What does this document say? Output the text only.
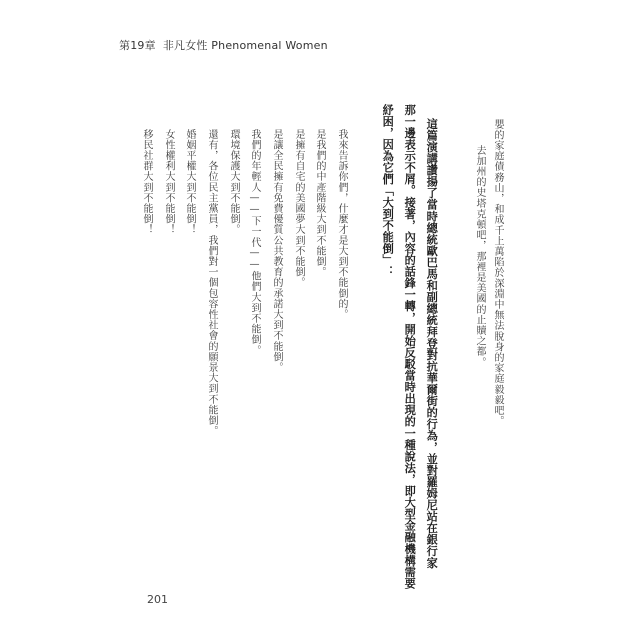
第19章 非凡女性 Phenomenal Women
嬰的家庭債務山，和成千上萬陷於深淵中無法脫身的家庭毅毅吧。
去加州的史塔克頓吧，那裡是美國的止贖之都。
這篇演講讚揚了當時總統歐巴馬和副總統拜登對抗華爾街的行為，並對羅姆尼站在銀行家
那一邊表示不屑。接著，內容的話鋒一轉，開始反駁當時出現的一種說法，即大型金融機構需要
紓困，因為它們「大到不能倒」：
我來告訴你們，什麼才是大到不能倒的。
是我們的中產階級大到不能倒。
是擁有自宅的美國夢大到不能倒。
是讓全民擁有免費優質公共教育的承諾大到不能倒。
我們的年輕人——下一代——他們大到不能倒。
環境保護大到不能倒。
還有，各位民主黨員，我們對一個包容性社會的願景大到不能倒。
婚姻平權大到不能倒！
女性權利大到不能倒！
移民社群大到不能倒！
201
